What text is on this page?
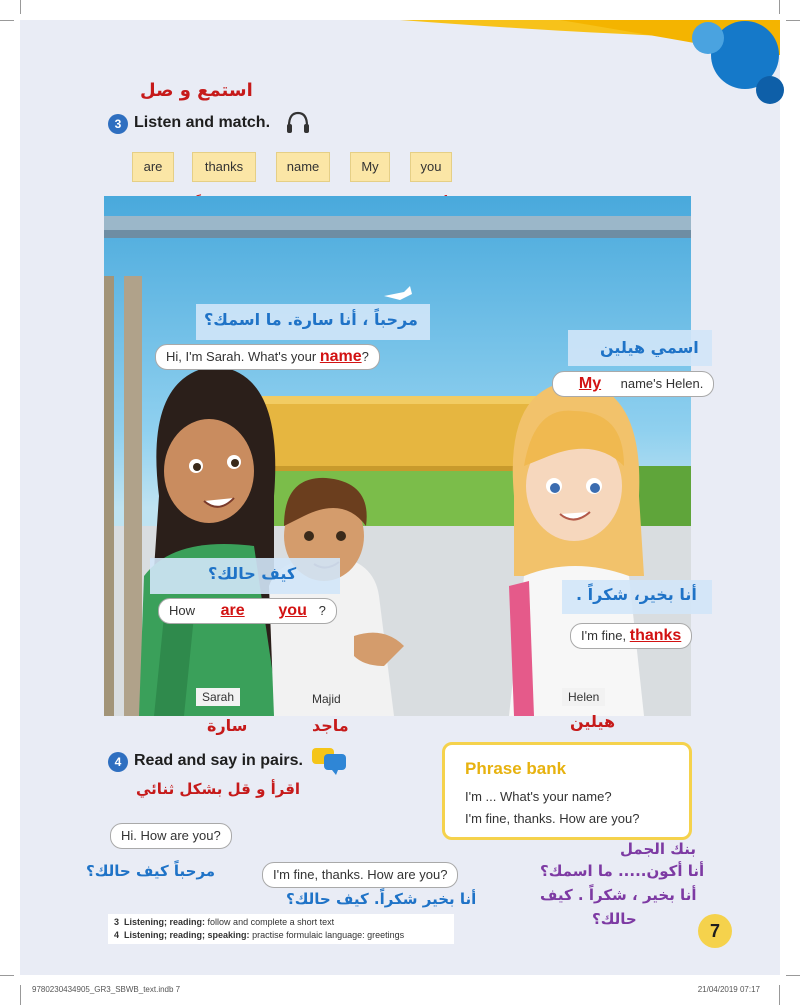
استمع و صل
3 Listen and match.
are	thanks	name	My	you
مرحباً ، أنا سارة. ما اسمك؟
Hi, I'm Sarah. What's your name?	اسمي هيلين
My name's Helen.
كيف حالك؟
How are you ?
أنا بخير، شكراً .
I'm fine, thanks
Sarah	Majid	Helen
سارة	ماجد	هيلين
4 Read and say in pairs.
اقرأ و قل بشكل ثنائي
Hi. How are you?
مرحباً كيف حالك؟	I'm fine, thanks. How are you?
أنا بخير شكراً. كيف حالك؟
Phrase bank
I'm ... What's your name?
I'm fine, thanks. How are you?
بنك الجمل
أنا أكون..... ما اسمك؟
أنا بخير ، شكراً . كيف
حالك؟
3 Listening; reading: follow and complete a short text
4 Listening; reading; speaking: practise formulaic language: greetings	7
9780230434905_GR3_SBWB_text.indb 7	21/04/2019 07:17
